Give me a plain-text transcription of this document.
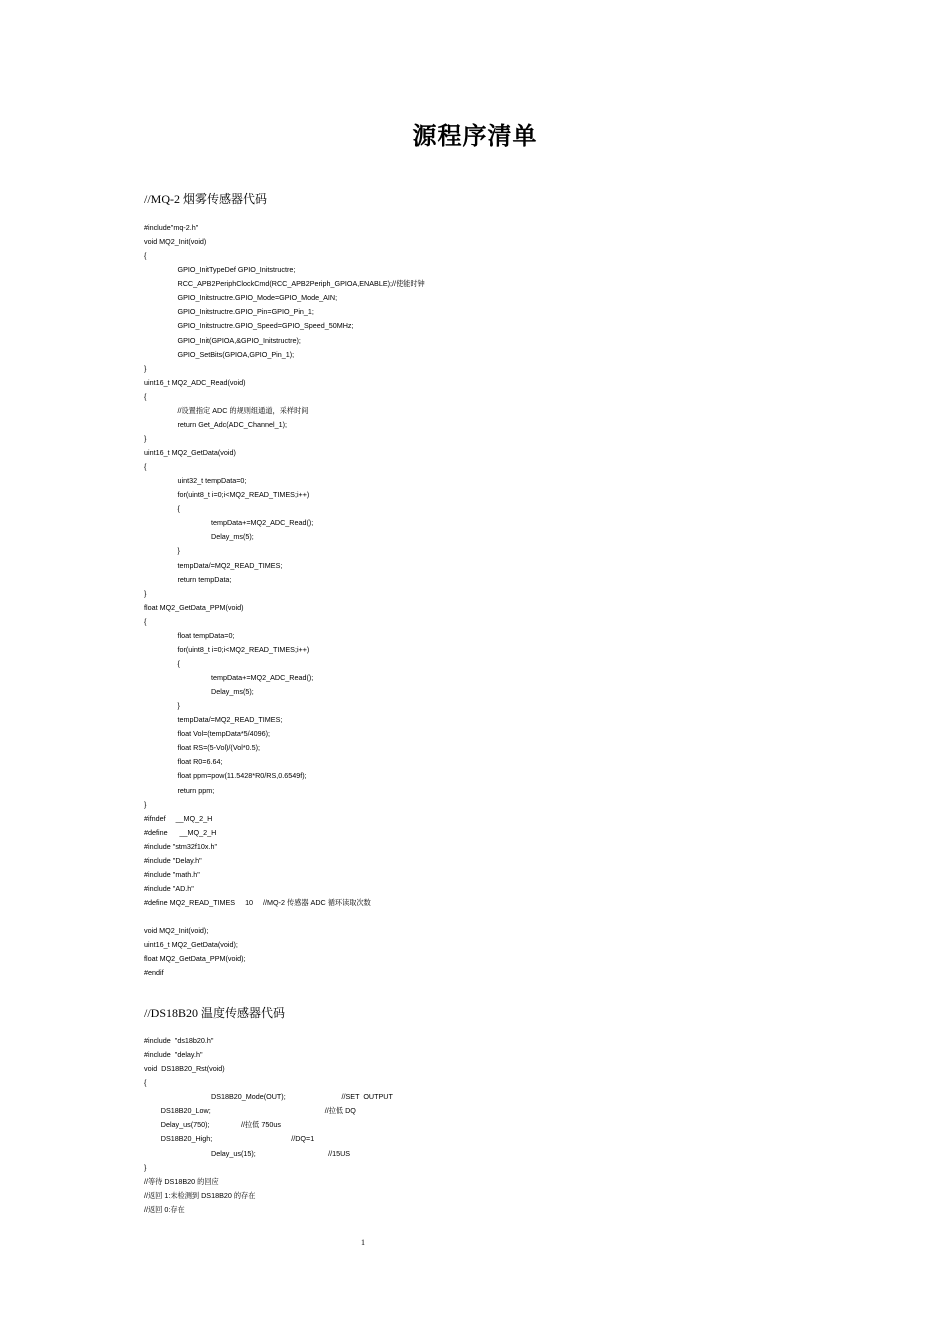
源程序清单
//MQ-2 烟雾传感器代码
#include"mq-2.h"
void MQ2_Init(void)
{
GPIO_InitTypeDef GPIO_Initstructre;
RCC_APB2PeriphClockCmd(RCC_APB2Periph_GPIOA,ENABLE);//使能时钟
GPIO_Initstructre.GPIO_Mode=GPIO_Mode_AIN;
GPIO_Initstructre.GPIO_Pin=GPIO_Pin_1;
GPIO_Initstructre.GPIO_Speed=GPIO_Speed_50MHz;
GPIO_Init(GPIOA,&GPIO_Initstructre);
GPIO_SetBits(GPIOA,GPIO_Pin_1);
}
uint16_t MQ2_ADC_Read(void)
{
//设置指定 ADC 的规则组通道，采样时间
return Get_Adc(ADC_Channel_1);
}
uint16_t MQ2_GetData(void)
{
uint32_t tempData=0;
for(uint8_t i=0;i<MQ2_READ_TIMES;i++)
{
tempData+=MQ2_ADC_Read();
Delay_ms(5);
}
tempData/=MQ2_READ_TIMES;
return tempData;
}
float MQ2_GetData_PPM(void)
{
float tempData=0;
for(uint8_t i=0;i<MQ2_READ_TIMES;i++)
{
tempData+=MQ2_ADC_Read();
Delay_ms(5);
}
tempData/=MQ2_READ_TIMES;
float Vol=(tempData*5/4096);
float RS=(5-Vol)/(Vol*0.5);
float R0=6.64;
float ppm=pow(11.5428*R0/RS,0.6549f);
return ppm;
}
#ifndef     __MQ_2_H
#define      __MQ_2_H
#include "stm32f10x.h"
#include "Delay.h"
#include "math.h"
#include "AD.h"
#define MQ2_READ_TIMES     10     //MQ-2 传感器 ADC 循环读取次数
void MQ2_Init(void);
uint16_t MQ2_GetData(void);
float MQ2_GetData_PPM(void);
#endif
//DS18B20 温度传感器代码
#include  "ds18b20.h"
#include  "delay.h"
void  DS18B20_Rst(void)
{
DS18B20_Mode(OUT);	//SET  OUTPUT
DS18B20_Low;	//拉低 DQ
Delay_us(750);	//拉低 750us
DS18B20_High;	//DQ=1
Delay_us(15);	//15US
}
//等待 DS18B20 的回应
//返回 1:未检测到 DS18B20 的存在
//返回 0:存在
1
